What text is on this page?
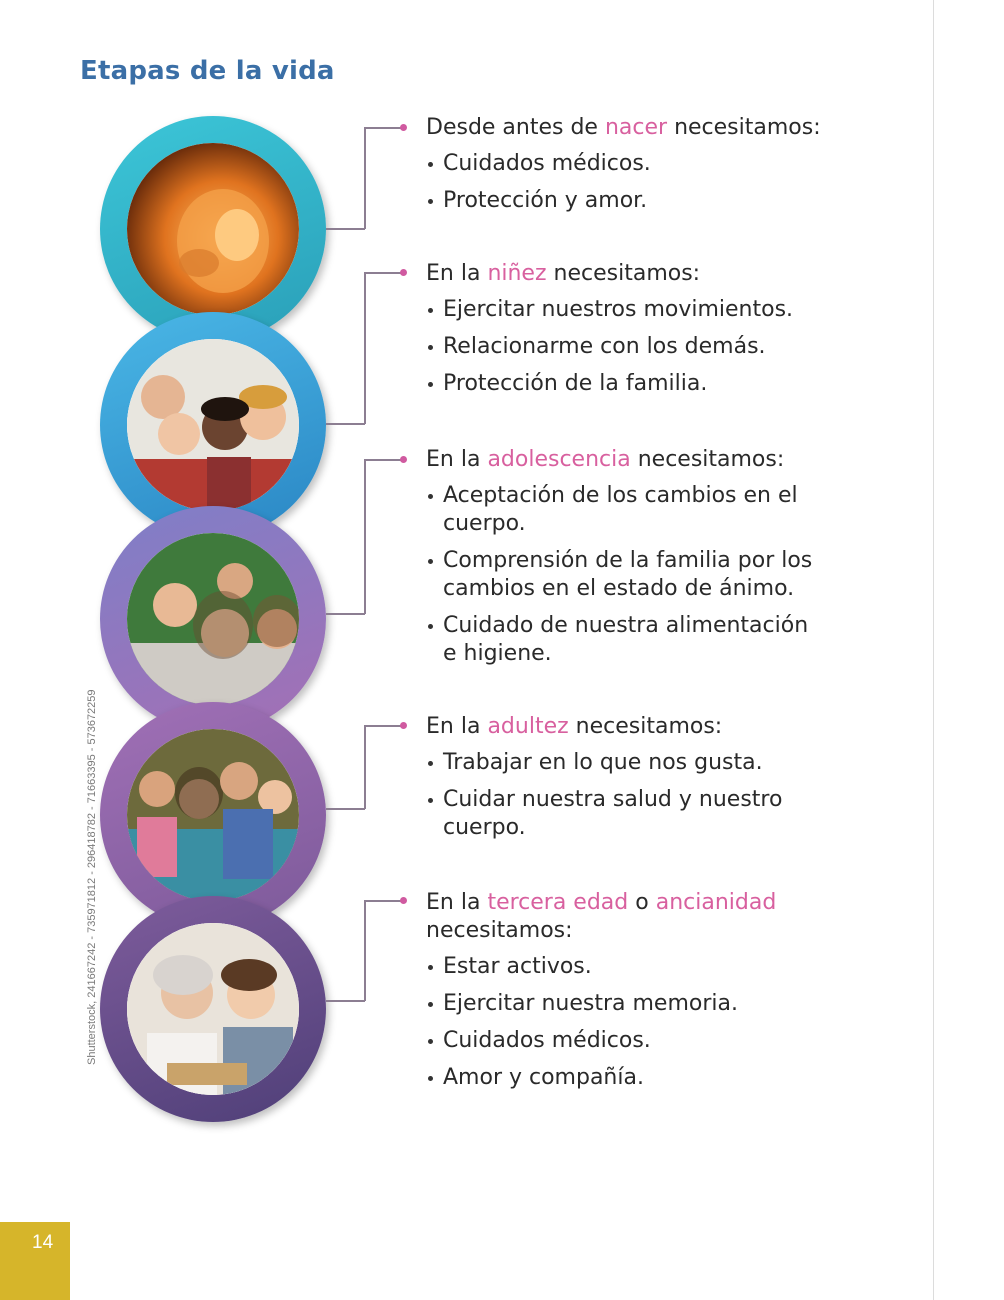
Etapas de la vida
Shutterstock, 241667242 - 735971812 - 296418782 - 71663395 - 573672259

Desde antes de nacer necesitamos:

Cuidados médicos.
Protección y amor.

En la niñez necesitamos:

Ejercitar nuestros movimientos.
Relacionarme con los demás.
Protección de la familia.

En la adolescencia necesitamos:

Aceptación de los cambios en el cuerpo.
Comprensión de la familia por los cambios en el estado de ánimo.
Cuidado de nuestra alimentación e higiene.

En la adultez necesitamos:

Trabajar en lo que nos gusta.
Cuidar nuestra salud y nuestro cuerpo.

En la tercera edad o ancianidad necesitamos:

Estar activos.
Ejercitar nuestra memoria.
Cuidados médicos.
Amor y compañía.
14
